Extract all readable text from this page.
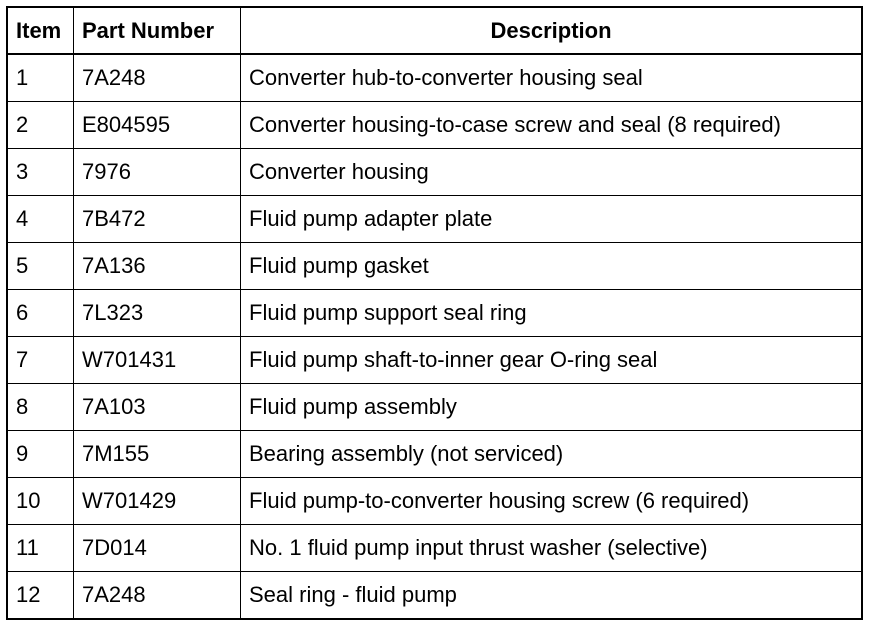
Item	Part Number	Description
1	7A248	Converter hub-to-converter housing seal
2	E804595	Converter housing-to-case screw and seal (8 required)
3	7976	Converter housing
4	7B472	Fluid pump adapter plate
5	7A136	Fluid pump gasket
6	7L323	Fluid pump support seal ring
7	W701431	Fluid pump shaft-to-inner gear O-ring seal
8	7A103	Fluid pump assembly
9	7M155	Bearing assembly (not serviced)
10	W701429	Fluid pump-to-converter housing screw (6 required)
11	7D014	No. 1 fluid pump input thrust washer (selective)
12	7A248	Seal ring - fluid pump
